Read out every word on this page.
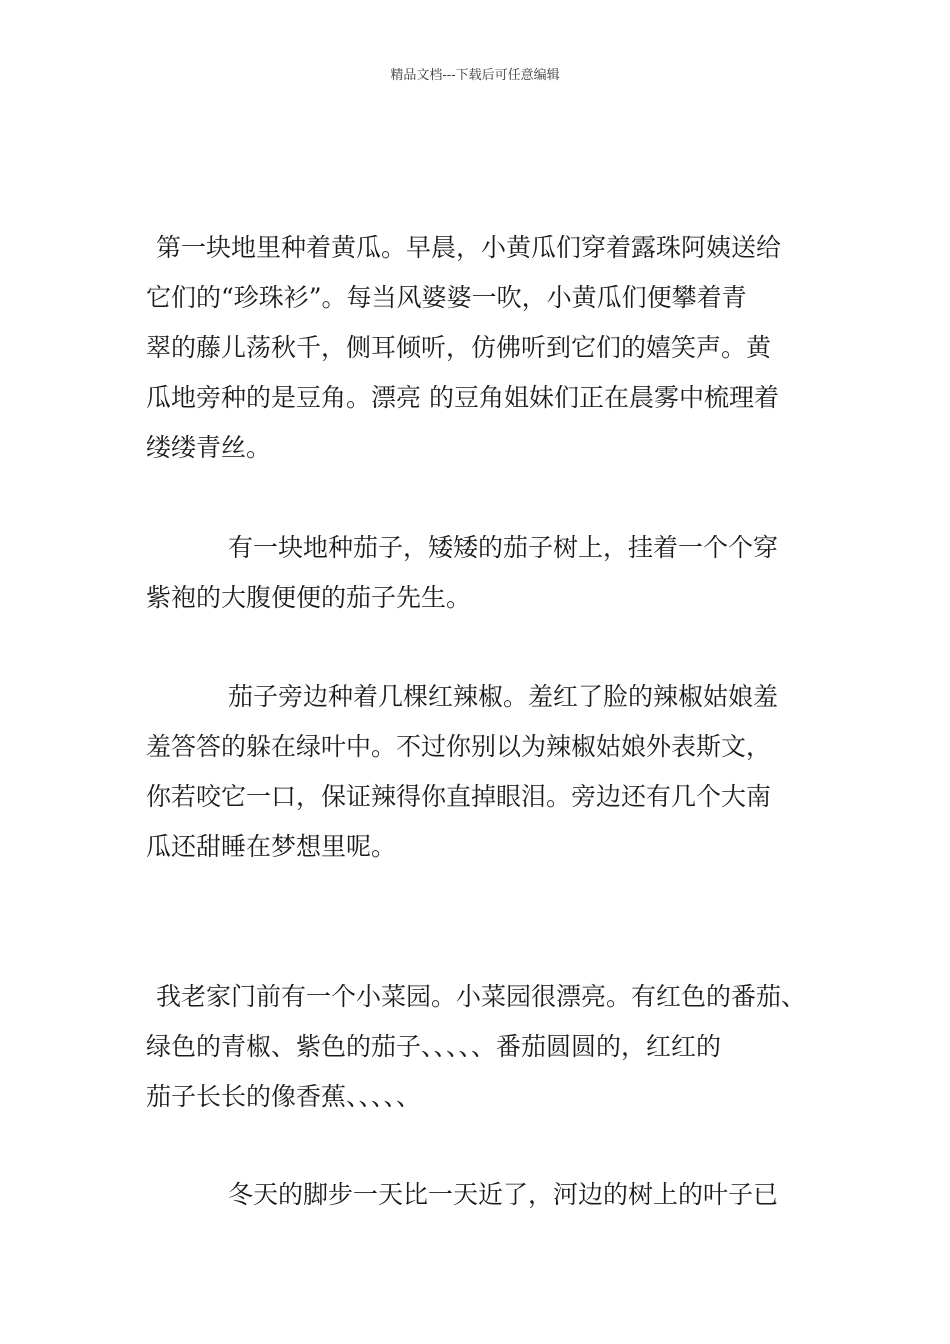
精品文档---下载后可任意编辑
第一块地里种着黄瓜。早晨，小黄瓜们穿着露珠阿姨送给
它们的“珍珠衫”。每当风婆婆一吹，小黄瓜们便攀着青
翠的藤儿荡秋千，侧耳倾听，仿佛听到它们的嬉笑声。黄
瓜地旁种的是豆角。漂亮 的豆角姐妹们正在晨雾中梳理着
缕缕青丝。
有一块地种茄子，矮矮的茄子树上，挂着一个个穿
紫袍的大腹便便的茄子先生。
茄子旁边种着几棵红辣椒。羞红了脸的辣椒姑娘羞
羞答答的躲在绿叶中。不过你别以为辣椒姑娘外表斯文，
你若咬它一口，保证辣得你直掉眼泪。旁边还有几个大南
瓜还甜睡在梦想里呢。
我老家门前有一个小菜园。小菜园很漂亮。有红色的番茄、
绿色的青椒、紫色的茄子、、、、、番茄圆圆的，红红的
茄子长长的像香蕉、、、、、
冬天的脚步一天比一天近了，河边的树上的叶子已
